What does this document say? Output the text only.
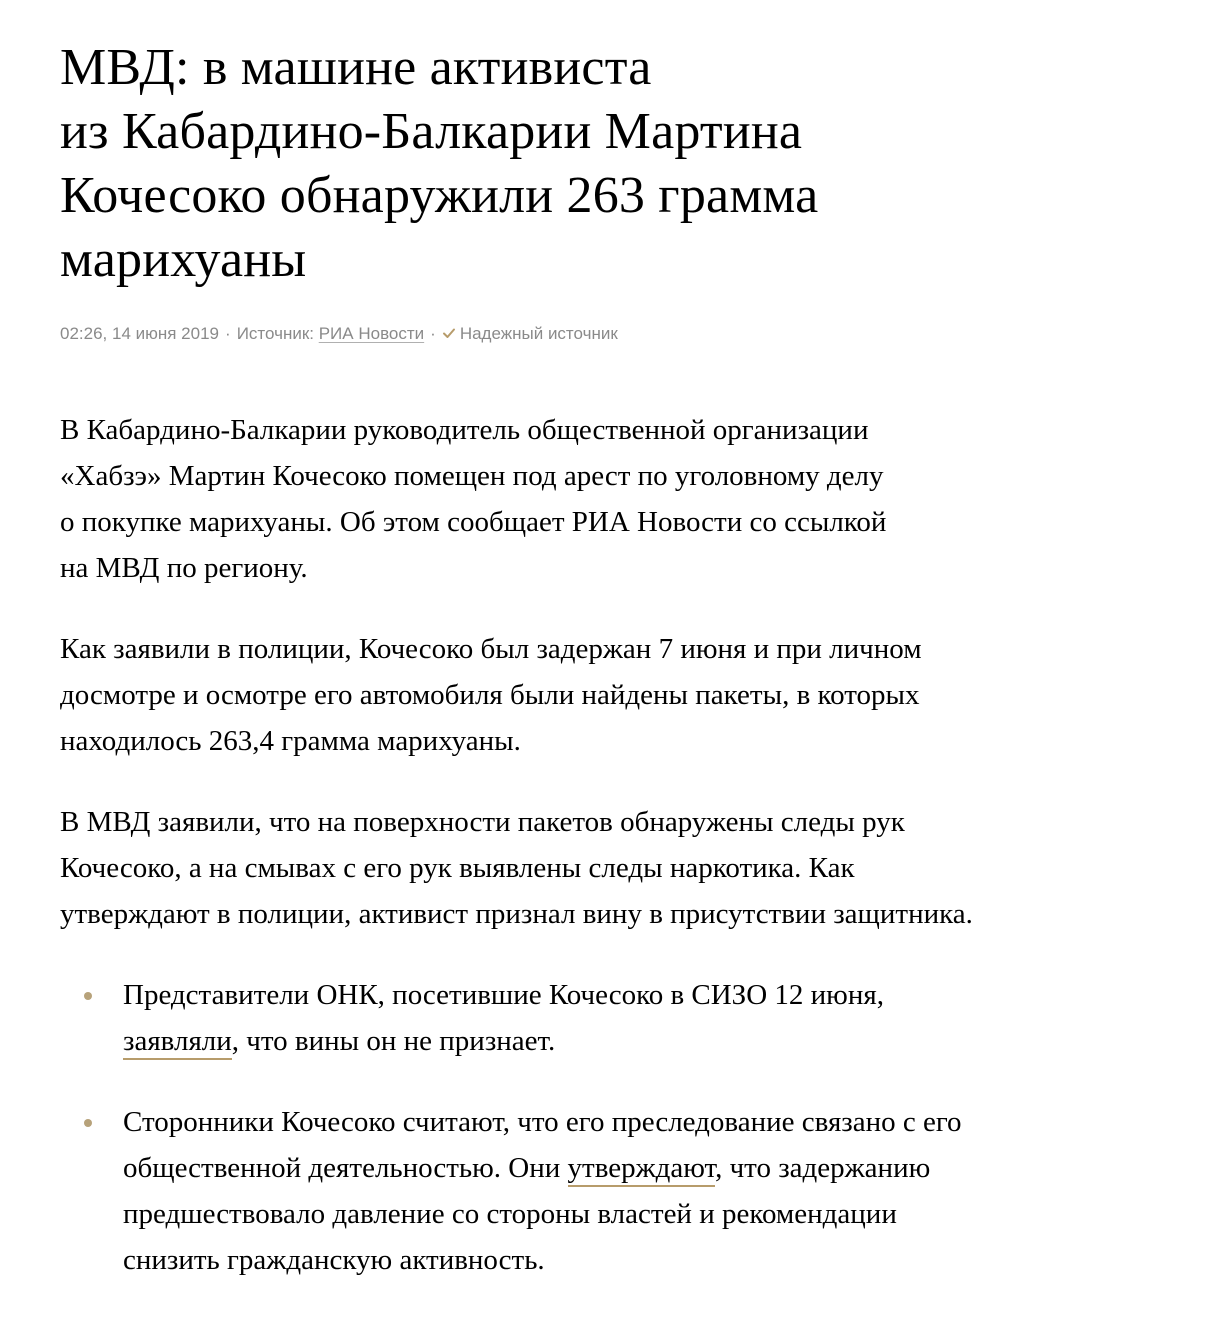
МВД: в машине активиста
из Кабардино-Балкарии Мартина
Кочесоко обнаружили 263 грамма
марихуаны
02:26, 14 июня 2019 · Источник: РИА Новости · Надежный источник

В Кабардино-Балкарии руководитель общественной организации
«Хабзэ» Мартин Кочесоко помещен под арест по уголовному делу
о покупке марихуаны. Об этом сообщает РИА Новости со ссылкой
на МВД по региону.

Как заявили в полиции, Кочесоко был задержан 7 июня и при личном
досмотре и осмотре его автомобиля были найдены пакеты, в которых
находилось 263,4 грамма марихуаны.

В МВД заявили, что на поверхности пакетов обнаружены следы рук
Кочесоко, а на смывах с его рук выявлены следы наркотика. Как
утверждают в полиции, активист признал вину в присутствии защитника.

Представители ОНК, посетившие Кочесоко в СИЗО 12 июня,
заявляли, что вины он не признает.
Сторонники Кочесоко считают, что его преследование связано с его
общественной деятельностью. Они утверждают, что задержанию
предшествовало давление со стороны властей и рекомендации
снизить гражданскую активность.
